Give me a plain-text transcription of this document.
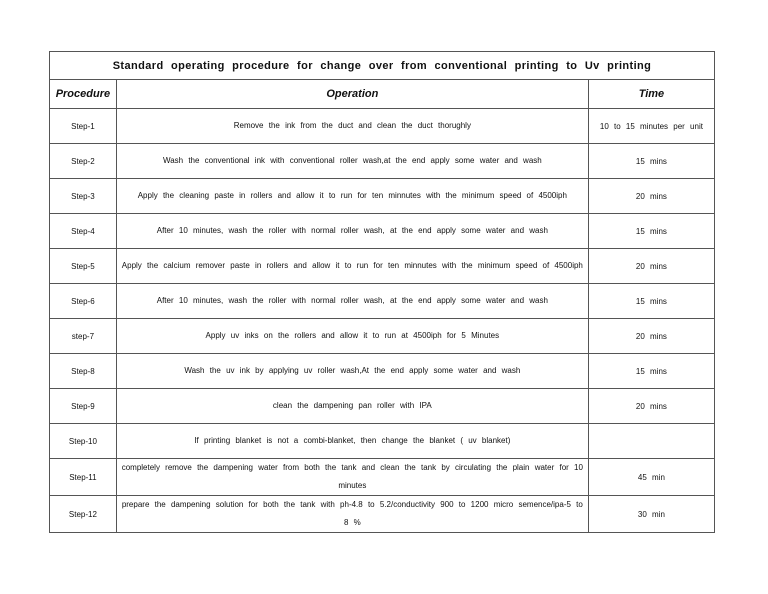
Standard operating procedure for change over from conventional printing to Uv printing		
Procedure	Operation	Time
Step-1	Remove the ink from the duct and clean the duct thorughly	10 to 15 minutes per unit
Step-2	Wash the conventional ink with conventional roller wash,at the end apply some water and wash	15 mins
Step-3	Apply the cleaning paste in rollers and allow it to run for ten minnutes with the minimum speed of 4500iph	20 mins
Step-4	After 10 minutes, wash the roller with normal roller wash, at the end apply some water and wash	15 mins
Step-5	Apply the calcium remover paste in rollers and allow it to run for ten minnutes with the minimum speed of 4500iph	20 mins
Step-6	After 10 minutes, wash the roller with normal roller wash, at the end apply some water and wash	15 mins
step-7	Apply uv inks on the rollers and allow it to run at 4500iph for 5 Minutes	20 mins
Step-8	Wash the uv ink by applying uv roller wash,At the end apply some water and wash	15 mins
Step-9	clean the dampening pan roller with IPA	20 mins
Step-10	If printing blanket is not a combi-blanket, then change the blanket ( uv blanket)	
Step-11	completely remove the dampening water from both the tank and clean the tank by circulating the plain water for 10 minutes	45 min
Step-12	prepare the dampening solution for both the tank with ph-4.8 to 5.2/conductivity 900 to 1200 micro semence/ipa-5 to 8 %	30 min
